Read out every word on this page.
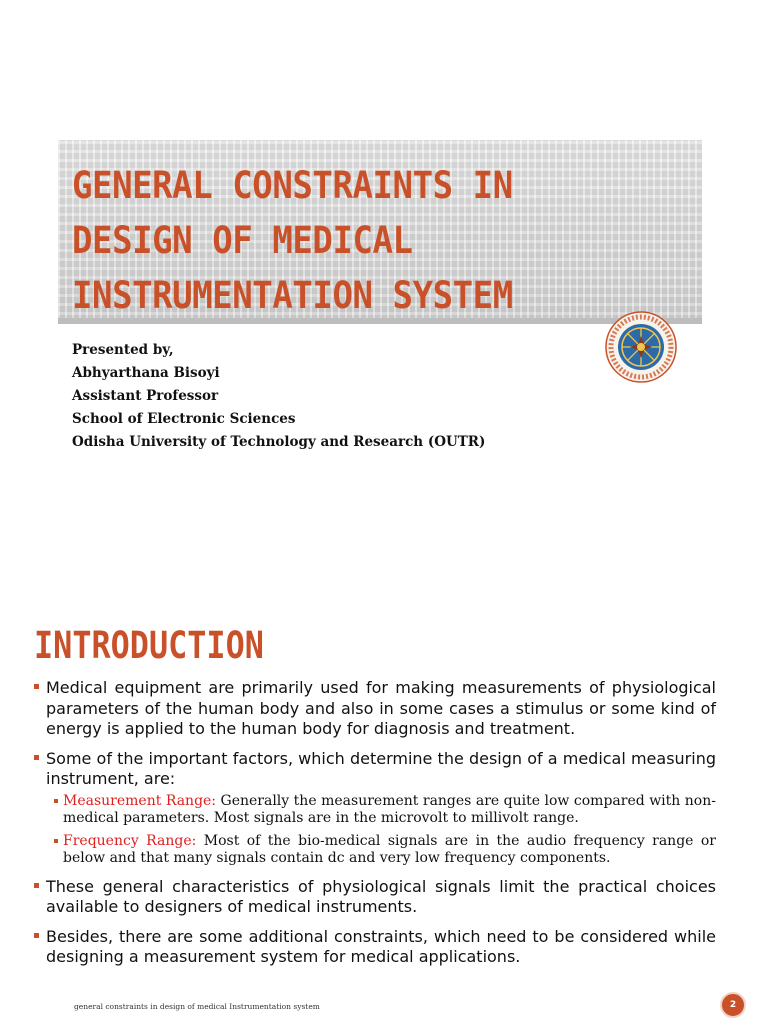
GENERAL CONSTRAINTS IN
DESIGN OF MEDICAL
INSTRUMENTATION SYSTEM
Presented by,
Abhyarthana Bisoyi
Assistant Professor
School of Electronic Sciences
Odisha University of Technology and Research (OUTR)
INTRODUCTION
Medical equipment are primarily used for making measurements of physiological parameters of the human body and also in some cases a stimulus or some kind of energy is applied to the human body for diagnosis and treatment.
Some of the important factors, which determine the design of a medical measuring instrument, are:
Measurement Range: Generally the measurement ranges are quite low compared with non-medical parameters. Most signals are in the microvolt to millivolt range.
Frequency Range: Most of the bio-medical signals are in the audio frequency range or below and that many signals contain dc and very low frequency components.
These general characteristics of physiological signals limit the practical choices available to designers of medical instruments.
Besides, there are some additional constraints, which need to be considered while designing a measurement system for medical applications.
general constraints in design of medical Instrumentation system	2
